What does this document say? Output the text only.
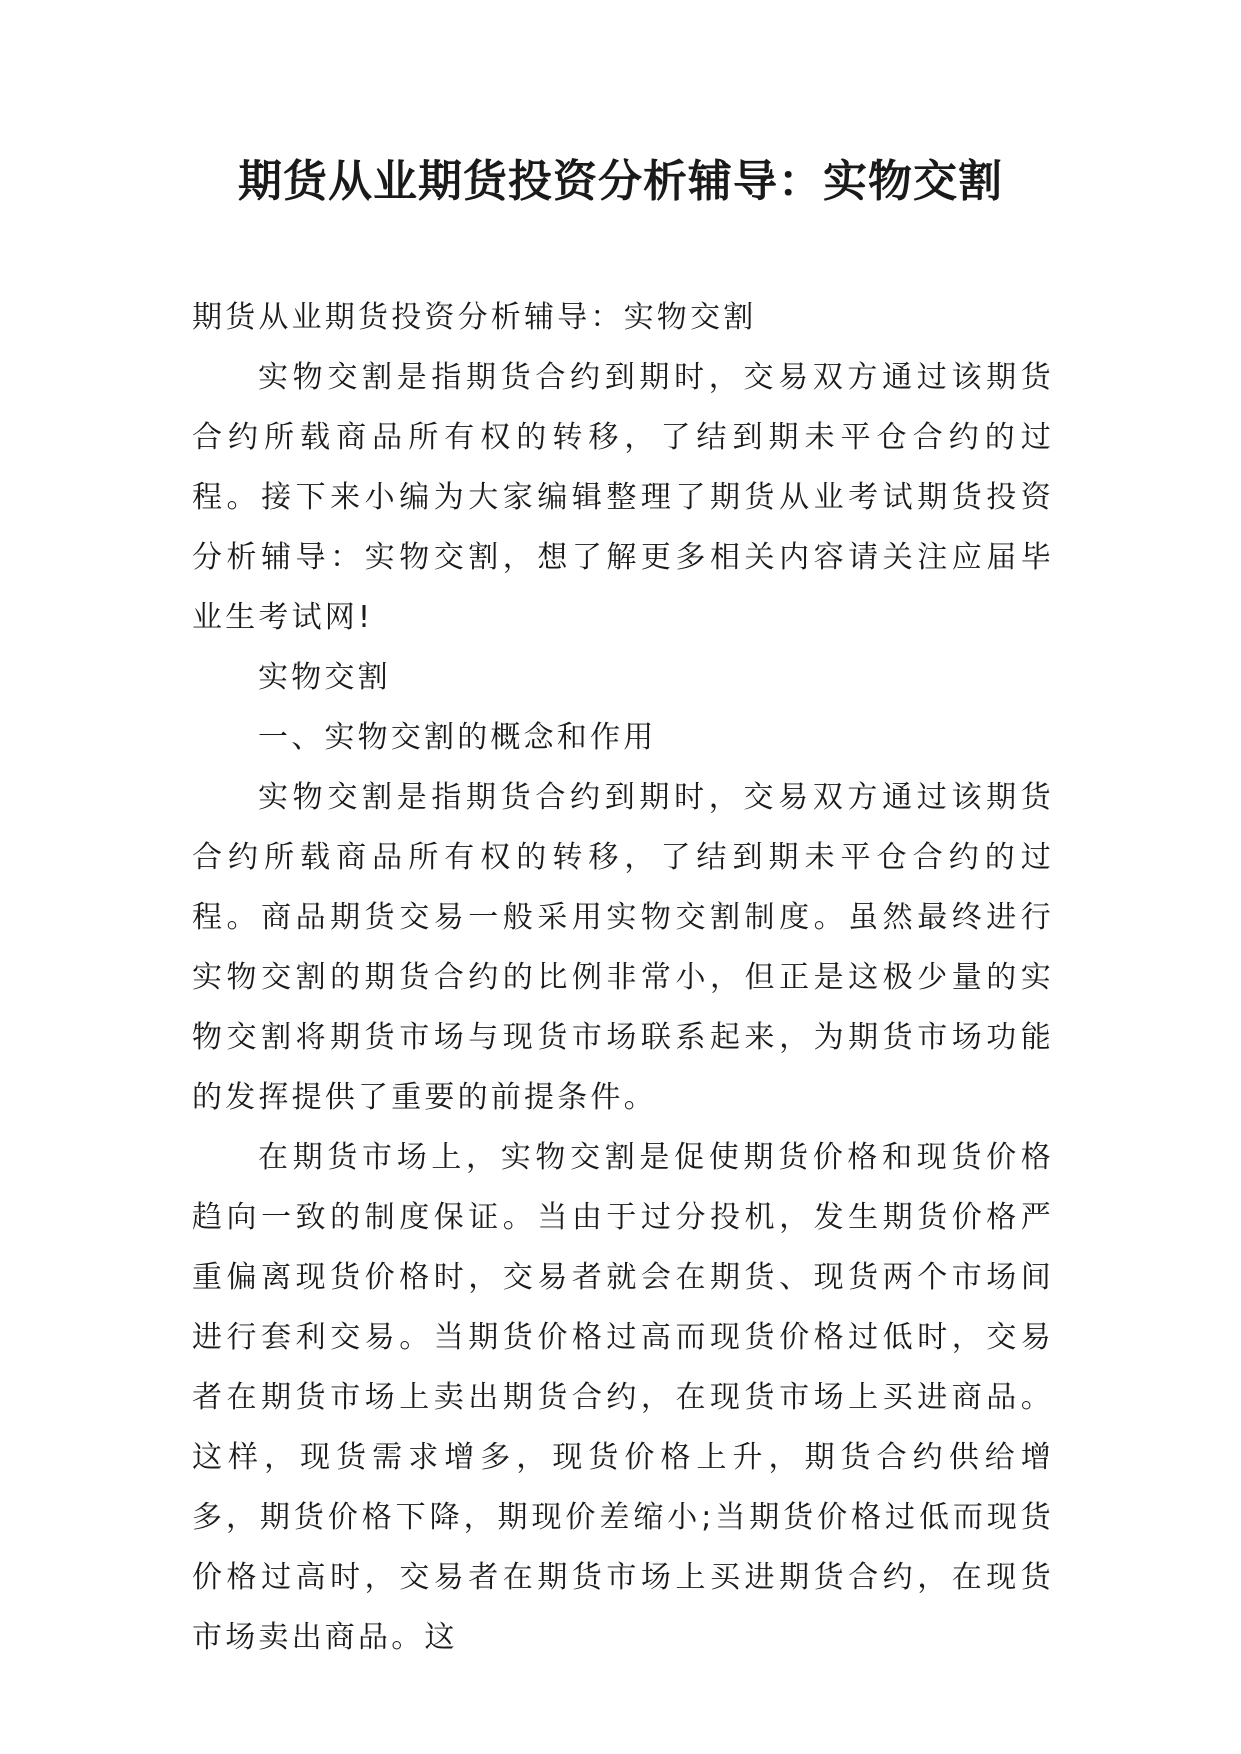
期货从业期货投资分析辅导：实物交割

期货从业期货投资分析辅导：实物交割

实物交割是指期货合约到期时，交易双方通过该期货合约所载商品所有权的转移，了结到期未平仓合约的过程。接下来小编为大家编辑整理了期货从业考试期货投资分析辅导：实物交割，想了解更多相关内容请关注应届毕业生考试网!

实物交割

一、实物交割的概念和作用

实物交割是指期货合约到期时，交易双方通过该期货合约所载商品所有权的转移，了结到期未平仓合约的过程。商品期货交易一般采用实物交割制度。虽然最终进行实物交割的期货合约的比例非常小，但正是这极少量的实物交割将期货市场与现货市场联系起来，为期货市场功能的发挥提供了重要的前提条件。

在期货市场上，实物交割是促使期货价格和现货价格趋向一致的制度保证。当由于过分投机，发生期货价格严重偏离现货价格时，交易者就会在期货、现货两个市场间进行套利交易。当期货价格过高而现货价格过低时，交易者在期货市场上卖出期货合约，在现货市场上买进商品。这样，现货需求增多，现货价格上升，期货合约供给增多，期货价格下降，期现价差缩小;当期货价格过低而现货价格过高时，交易者在期货市场上买进期货合约，在现货市场卖出商品。这
